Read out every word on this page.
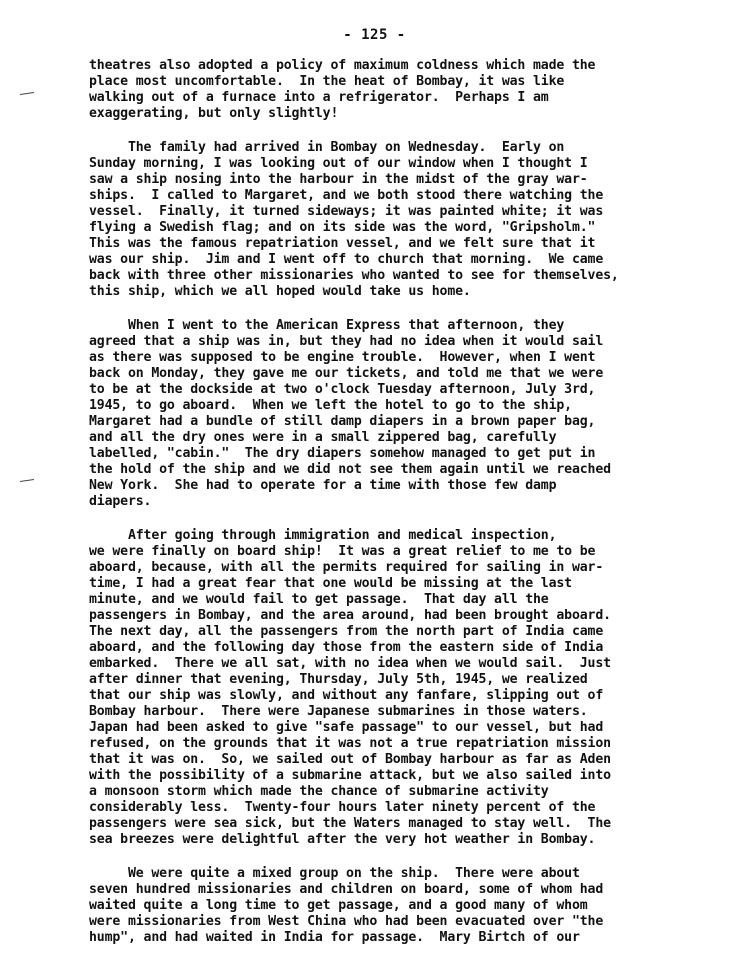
- 125 -
theatres also adopted a policy of maximum coldness which made the
place most uncomfortable.  In the heat of Bombay, it was like
walking out of a furnace into a refrigerator.  Perhaps I am
exaggerating, but only slightly!
The family had arrived in Bombay on Wednesday.  Early on
Sunday morning, I was looking out of our window when I thought I
saw a ship nosing into the harbour in the midst of the gray war-
ships.  I called to Margaret, and we both stood there watching the
vessel.  Finally, it turned sideways; it was painted white; it was
flying a Swedish flag; and on its side was the word, "Gripsholm."
This was the famous repatriation vessel, and we felt sure that it
was our ship.  Jim and I went off to church that morning.  We came
back with three other missionaries who wanted to see for themselves,
this ship, which we all hoped would take us home.
When I went to the American Express that afternoon, they
agreed that a ship was in, but they had no idea when it would sail
as there was supposed to be engine trouble.  However, when I went
back on Monday, they gave me our tickets, and told me that we were
to be at the dockside at two o'clock Tuesday afternoon, July 3rd,
1945, to go aboard.  When we left the hotel to go to the ship,
Margaret had a bundle of still damp diapers in a brown paper bag,
and all the dry ones were in a small zippered bag, carefully
labelled, "cabin."  The dry diapers somehow managed to get put in
the hold of the ship and we did not see them again until we reached
New York.  She had to operate for a time with those few damp
diapers.
After going through immigration and medical inspection,
we were finally on board ship!  It was a great relief to me to be
aboard, because, with all the permits required for sailing in war-
time, I had a great fear that one would be missing at the last
minute, and we would fail to get passage.  That day all the
passengers in Bombay, and the area around, had been brought aboard.
The next day, all the passengers from the north part of India came
aboard, and the following day those from the eastern side of India
embarked.  There we all sat, with no idea when we would sail.  Just
after dinner that evening, Thursday, July 5th, 1945, we realized
that our ship was slowly, and without any fanfare, slipping out of
Bombay harbour.  There were Japanese submarines in those waters.
Japan had been asked to give "safe passage" to our vessel, but had
refused, on the grounds that it was not a true repatriation mission
that it was on.  So, we sailed out of Bombay harbour as far as Aden
with the possibility of a submarine attack, but we also sailed into
a monsoon storm which made the chance of submarine activity
considerably less.  Twenty-four hours later ninety percent of the
passengers were sea sick, but the Waters managed to stay well.  The
sea breezes were delightful after the very hot weather in Bombay.
We were quite a mixed group on the ship.  There were about
seven hundred missionaries and children on board, some of whom had
waited quite a long time to get passage, and a good many of whom
were missionaries from West China who had been evacuated over "the
hump", and had waited in India for passage.  Mary Birtch of our
